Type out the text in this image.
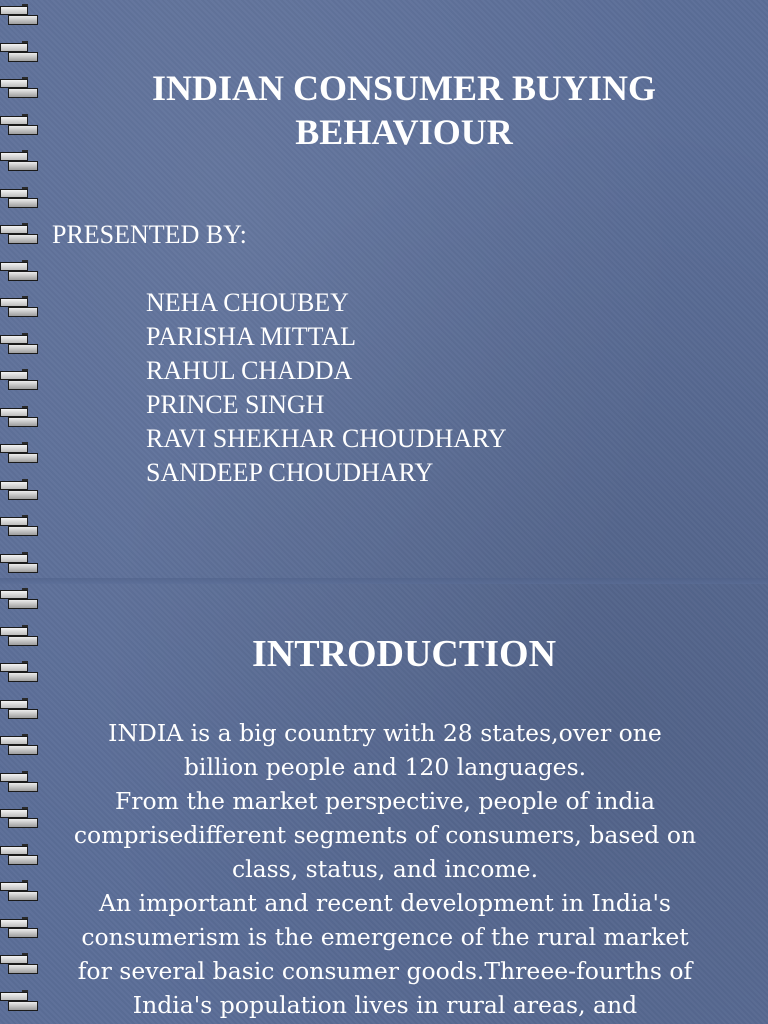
INDIAN CONSUMER BUYING
BEHAVIOUR

PRESENTED BY:

NEHA CHOUBEY
PARISHA MITTAL
RAHUL CHADDA
PRINCE SINGH
RAVI SHEKHAR CHOUDHARY
SANDEEP CHOUDHARY
INTRODUCTION

INDIA is a big country with 28 states,over one
billion people and 120 languages.
From the market perspective, people of india
comprisedifferent segments of consumers, based on
class, status, and income.
An important and recent development in India's
consumerism is the emergence of the rural market
for several basic consumer goods.Threee-fourths of
India's population lives in rural areas, and
